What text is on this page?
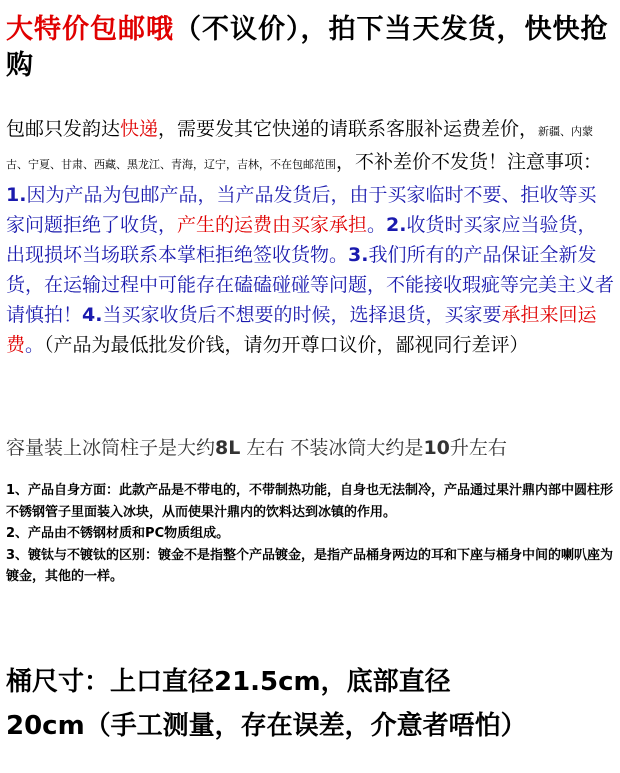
大特价包邮哦（不议价），拍下当天发货，快快抢购
包邮只发韵达快递，需要发其它快递的请联系客服补运费差价，新疆、内蒙古、宁夏、甘肃、西藏、黑龙江、青海，辽宁，吉林，不在包邮范围，不补差价不发货！注意事项：1.因为产品为包邮产品，当产品发货后，由于买家临时不要、拒收等买家问题拒绝了收货，产生的运费由买家承担。2.收货时买家应当验货，出现损坏当场联系本掌柜拒绝签收货物。3.我们所有的产品保证全新发货，在运输过程中可能存在磕磕碰碰等问题，不能接收瑕疵等完美主义者请慎拍！4.当买家收货后不想要的时候，选择退货，买家要承担来回运费。（产品为最低批发价钱，请勿开尊口议价，鄙视同行差评）
容量装上冰筒柱子是大约8L 左右 不装冰筒大约是10升左右
1、产品自身方面：此款产品是不带电的，不带制热功能，自身也无法制冷，产品通过果汁鼎内部中圆柱形不锈钢管子里面装入冰块，从而使果汁鼎内的饮料达到冰镇的作用。
2、产品由不锈钢材质和PC物质组成。
3、镀钛与不镀钛的区别：镀金不是指整个产品镀金，是指产品桶身两边的耳和下座与桶身中间的喇叭座为镀金，其他的一样。
桶尺寸：上口直径21.5cm，底部直径
20cm（手工测量，存在误差，介意者唔怕）
